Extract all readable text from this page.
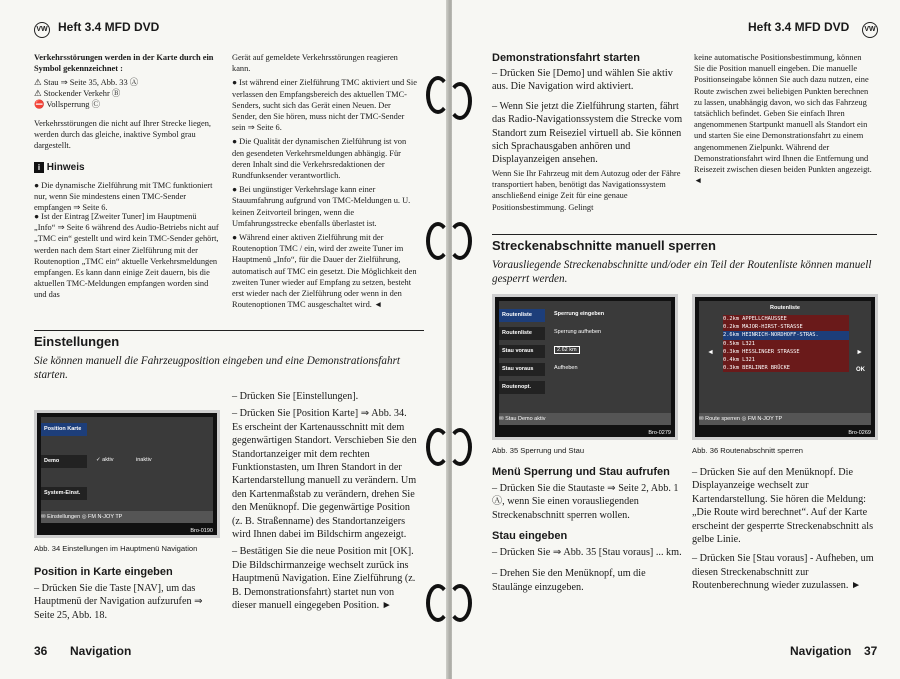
VW Heft 3.4 MFD DVD
Verkehrsstörungen werden in der Karte durch ein Symbol gekennzeichnet :
⚠ Stau ⇒ Seite 35, Abb. 33 Ⓐ
⚠ Stockender Verkehr Ⓑ
⛔ Vollsperrung Ⓒ
Verkehrsstörungen die nicht auf Ihrer Strecke liegen, werden durch das gleiche, inaktive Symbol grau dargestellt.
i Hinweis
● Die dynamische Zielführung mit TMC funktioniert nur, wenn Sie mindestens einen TMC-Sender empfangen ⇒ Seite 6.
● Ist der Eintrag [Zweiter Tuner] im Hauptmenü „Info“ ⇒ Seite 6 während des Audio-Betriebs nicht auf „TMC ein“ gestellt und wird kein TMC-Sender gehört, werden nach dem Start einer Zielführung mit der Routenoption „TMC ein“ aktuelle Verkehrsmeldungen empfangen. Es kann dann einige Zeit dauern, bis die aktuellen TMC-Meldungen empfangen worden sind und das
Gerät auf gemeldete Verkehrsstörungen reagieren kann.
● Ist während einer Zielführung TMC aktiviert und Sie verlassen den Empfangsbereich des aktuellen TMC-Senders, sucht sich das Gerät einen Neuen. Der Sender, den Sie hören, muss nicht der TMC-Sender sein ⇒ Seite 6.
● Die Qualität der dynamischen Zielführung ist von den gesendeten Verkehrsmeldungen abhängig. Für deren Inhalt sind die Verkehrsredaktionen der Rundfunksender verantwortlich.
● Bei ungünstiger Verkehrslage kann einer Stauumfahrung aufgrund von TMC-Meldungen u. U. keinen Zeitvorteil bringen, wenn die Umfahrungsstrecke ebenfalls überlastet ist.
● Während einer aktiven Zielführung mit der Routenoption TMC / ein, wird der zweite Tuner im Hauptmenü „Info“, für die Dauer der Zielführung, automatisch auf TMC ein gesetzt. Die Möglichkeit den zweiten Tuner wieder auf Empfang zu setzen, besteht erst wieder nach der Zielführung oder wenn in den Routenoptionen TMC ausgeschaltet wird. ◄
Einstellungen
Sie können manuell die Fahrzeugposition eingeben und eine Demonstrationsfahrt starten.
Position Karte
Demo	✓ aktiv	inaktiv
System-Einst.
✉ Einstellungen ◎ FM N-JOY TP
Bro-0190
Abb. 34 Einstellungen im Hauptmenü Navigation
Position in Karte eingeben
– Drücken Sie die Taste [NAV], um das Hauptmenü der Navigation aufzurufen ⇒ Seite 25, Abb. 18.
– Drücken Sie [Einstellungen].
– Drücken Sie [Position Karte] ⇒ Abb. 34. Es erscheint der Kartenausschnitt mit dem gegenwärtigen Standort. Verschieben Sie den Standortanzeiger mit dem rechten Funktionstasten, um Ihren Standort in der Kartendarstellung manuell zu verändern. Um den Kartenmaßstab zu verändern, drehen Sie den Menüknopf. Die gegenwärtige Position (z. B. Straßenname) des Standortanzeigers wird Ihnen dabei im Bildschirm angezeigt.
– Bestätigen Sie die neue Position mit [OK]. Die Bildschirmanzeige wechselt zurück ins Hauptmenü Navigation. Eine Zielführung (z. B. Demonstrationsfahrt) startet nun von dieser manuell eingegeben Position. ►
36 Navigation
Heft 3.4 MFD DVD	VW
Demonstrationsfahrt starten
– Drücken Sie [Demo] und wählen Sie aktiv aus. Die Navigation wird aktiviert.
– Wenn Sie jetzt die Zielführung starten, fährt das Radio-Navigationssystem die Strecke vom Standort zum Reiseziel virtuell ab. Sie können sich Sprachausgaben anhören und Displayanzeigen ansehen.
Wenn Sie Ihr Fahrzeug mit dem Autozug oder der Fähre transportiert haben, benötigt das Navigationssystem anschließend einige Zeit für eine genaue Positionsbestimmung. Gelingt
keine automatische Positionsbestimmung, können Sie die Position manuell eingeben. Die manuelle Positionseingabe können Sie auch dazu nutzen, eine Route zwischen zwei beliebigen Punkten berechnen zu lassen, unabhängig davon, wo sich das Fahrzeug tatsächlich befindet. Geben Sie einfach Ihren angenommenen Startpunkt manuell als Standort ein und starten Sie eine Demonstrationsfahrt zu einem angenommenen Zielpunkt. Während der Demonstrationsfahrt wird Ihnen die Entfernung und Reisezeit zwischen diesen beiden Punkten angezeigt. ◄
Streckenabschnitte manuell sperren
Vorausliegende Streckenabschnitte und/oder ein Teil der Routenliste können manuell gesperrt werden.
Routenliste
Routenliste
Stau voraus
Stau voraus
Routenopt.
Sperrung eingeben
Sperrung aufheben
2.62 km
Aufheben
✉ Stau Demo aktiv
Bro-0279
Abb. 35 Sperrung und Stau
Routenliste
0.2km APPELLCHAUSSEE
0.2km MAJOR-HIRST-STRASSE
2.6km HEINRICH-NORDHOFF-STRAS.
0.5km L321
0.3km HESSLINGER STRASSE
0.4km L321
0.3km BERLINER BRÜCKE
◄	►
OK
✉ Route sperren ◎ FM N-JOY TP
Bro-0269
Abb. 36 Routenabschnitt sperren
Menü Sperrung und Stau aufrufen
– Drücken Sie die Stautaste ⇒ Seite 2, Abb. 1 Ⓐ, wenn Sie einen vorausliegenden Streckenabschnitt sperren wollen.
Stau eingeben
– Drücken Sie ⇒ Abb. 35 [Stau voraus] ... km.
– Drehen Sie den Menüknopf, um die Staulänge einzugeben.
– Drücken Sie auf den Menüknopf. Die Displayanzeige wechselt zur Kartendarstellung. Sie hören die Meldung: „Die Route wird berechnet“. Auf der Karte erscheint der gesperrte Streckenabschnitt als gelbe Linie.
– Drücken Sie [Stau voraus] - Aufheben, um diesen Streckenabschnitt zur Routenberechnung wieder zuzulassen. ►
Navigation 37
